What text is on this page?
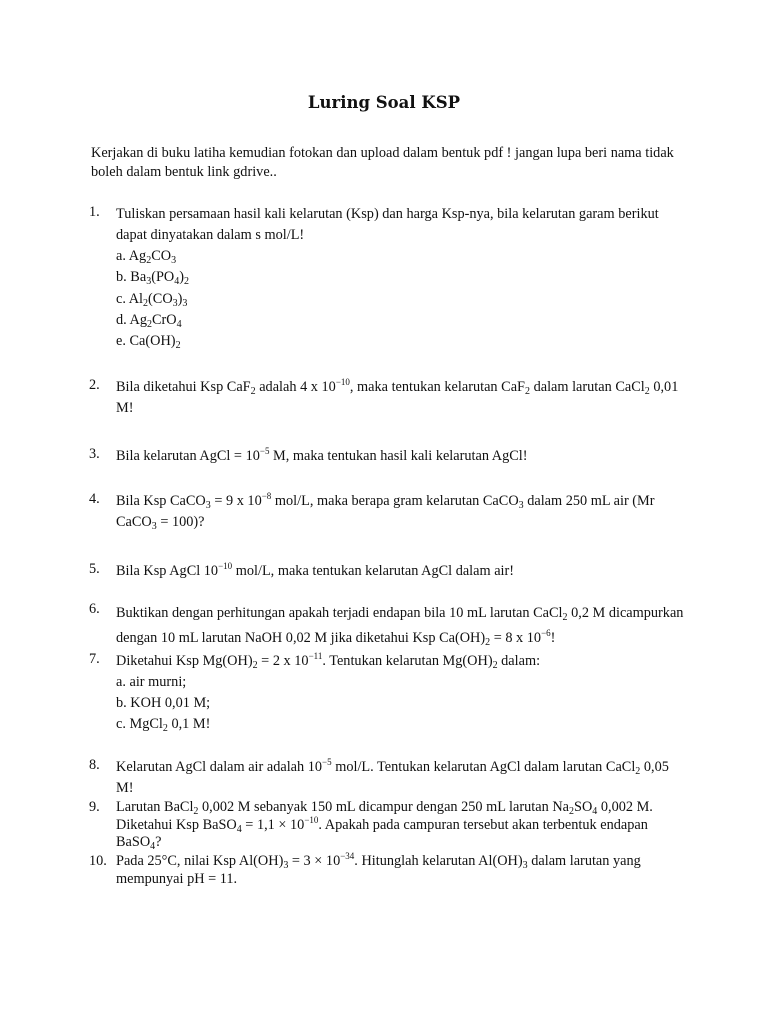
Luring Soal KSP
Kerjakan di buku latiha kemudian fotokan dan upload dalam bentuk pdf ! jangan lupa beri nama tidak boleh dalam bentuk link gdrive..
1.	Tuliskan persamaan hasil kali kelarutan (Ksp) dan harga Ksp-nya, bila kelarutan garam berikut dapat dinyatakan dalam s mol/L!
a. $Ag_2CO_3$
b. $Ba_3(PO_4)_2$
c. $Al_2(CO_3)_3$
d. $Ag_2CrO_4$
e. $Ca(OH)_2$
2.	Bila diketahui Ksp CaF$_2$ adalah 4 x $10^{-10}$, maka tentukan kelarutan CaF$_2$ dalam larutan CaCl$_2$ 0,01 M!
3.	Bila kelarutan AgCl = $10^{-5}$ M, maka tentukan hasil kali kelarutan AgCl!
4.	Bila Ksp CaCO$_3$ = 9 x $10^{-8}$ mol/L, maka berapa gram kelarutan CaCO$_3$ dalam 250 mL air (Mr CaCO$_3$ = 100)?
5.	Bila Ksp AgCl $10^{-10}$ mol/L, maka tentukan kelarutan AgCl dalam air!
6.	Buktikan dengan perhitungan apakah terjadi endapan bila 10 mL larutan CaCl$_2$ 0,2 M dicampurkan dengan 10 mL larutan NaOH 0,02 M jika diketahui Ksp $Ca(OH)_2 = 8$ x $10^{-6}$!
7.	Diketahui Ksp $Mg(OH)_2 = 2$ x $10^{-11}$. Tentukan kelarutan $Mg(OH)_2$ dalam:
a. air murni;
b. KOH 0,01 M;
c. MgCl$_2$ 0,1 M!
8.	Kelarutan AgCl dalam air adalah $10^{-5}$ mol/L. Tentukan kelarutan AgCl dalam larutan CaCl$_2$ 0,05 M!
9.	Larutan BaCl$_2$ 0,002 M sebanyak 150 mL dicampur dengan 250 mL larutan $Na_2SO_4$ 0,002 M. Diketahui Ksp BaSO$_4$ = $1,1 \times 10^{-10}$. Apakah pada campuran tersebut akan terbentuk endapan BaSO$_4$?
10. Pada 25°C, nilai Ksp $Al(OH)_3 = 3 \times 10^{-34}$. Hitunglah kelarutan $Al(OH)_3$ dalam larutan yang mempunyai pH = 11.
